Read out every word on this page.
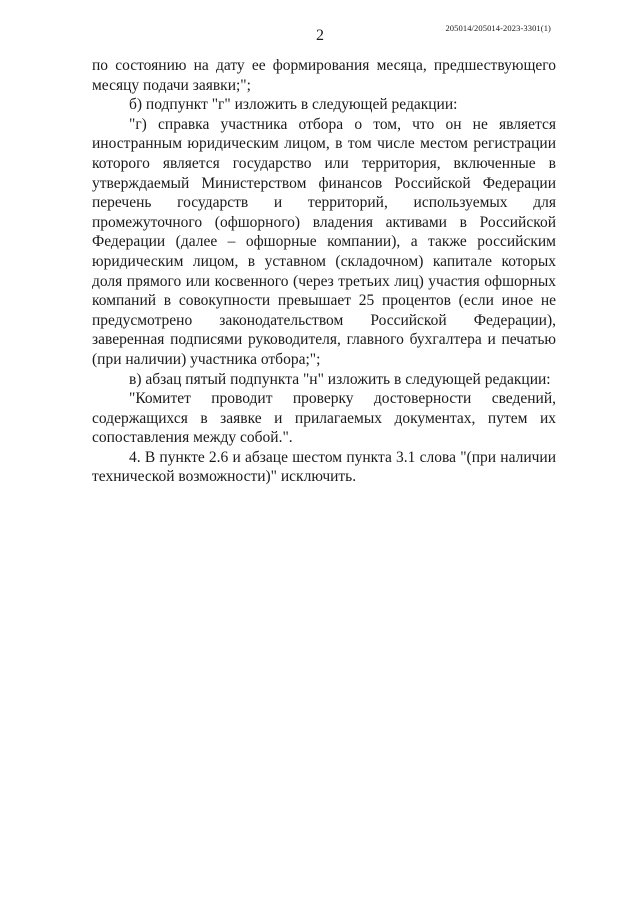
2	205014/205014-2023-3301(1)

по состоянию на дату ее формирования месяца, предшествующего месяцу подачи заявки;";

б) подпункт "г" изложить в следующей редакции:

"г) справка участника отбора о том, что он не является иностранным юридическим лицом, в том числе местом регистрации которого является государство или территория, включенные в утверждаемый Министерством финансов Российской Федерации перечень государств и территорий, используемых для промежуточного (офшорного) владения активами в Российской Федерации (далее – офшорные компании), а также российским юридическим лицом, в уставном (складочном) капитале которых доля прямого или косвенного (через третьих лиц) участия офшорных компаний в совокупности превышает 25 процентов (если иное не предусмотрено законодательством Российской Федерации), заверенная подписями руководителя, главного бухгалтера и печатью (при наличии) участника отбора;";

в) абзац пятый подпункта "н" изложить в следующей редакции:

"Комитет проводит проверку достоверности сведений, содержащихся в заявке и прилагаемых документах, путем их сопоставления между собой.".

4. В пункте 2.6 и абзаце шестом пункта 3.1 слова "(при наличии технической возможности)" исключить.
